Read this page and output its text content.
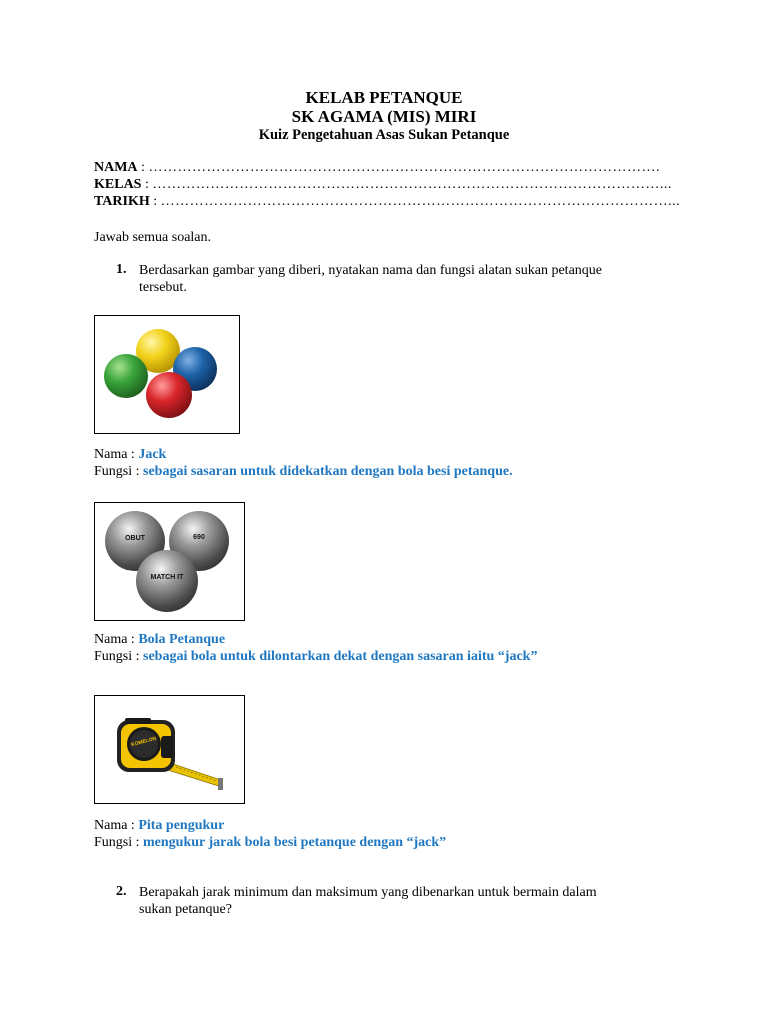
KELAB PETANQUE
SK AGAMA (MIS) MIRI
Kuiz Pengetahuan Asas Sukan Petanque
NAMA : …………………………………………………………………………………………….
KELAS : ……………………………………………………………………………………………...
TARIKH : ……………………………………………………………………………………………...
Jawab semua soalan.
1. Berdasarkan gambar yang diberi, nyatakan nama dan fungsi alatan sukan petanque
tersebut.
Nama : Jack
Fungsi : sebagai sasaran untuk didekatkan dengan bola besi petanque.
OBUT	690
MATCH IT
Nama : Bola Petanque
Fungsi : sebagai bola untuk dilontarkan dekat dengan sasaran iaitu “jack”
KOMELON
Nama : Pita pengukur
Fungsi : mengukur jarak bola besi petanque dengan “jack”
2. Berapakah jarak minimum dan maksimum yang dibenarkan untuk bermain dalam
sukan petanque?
